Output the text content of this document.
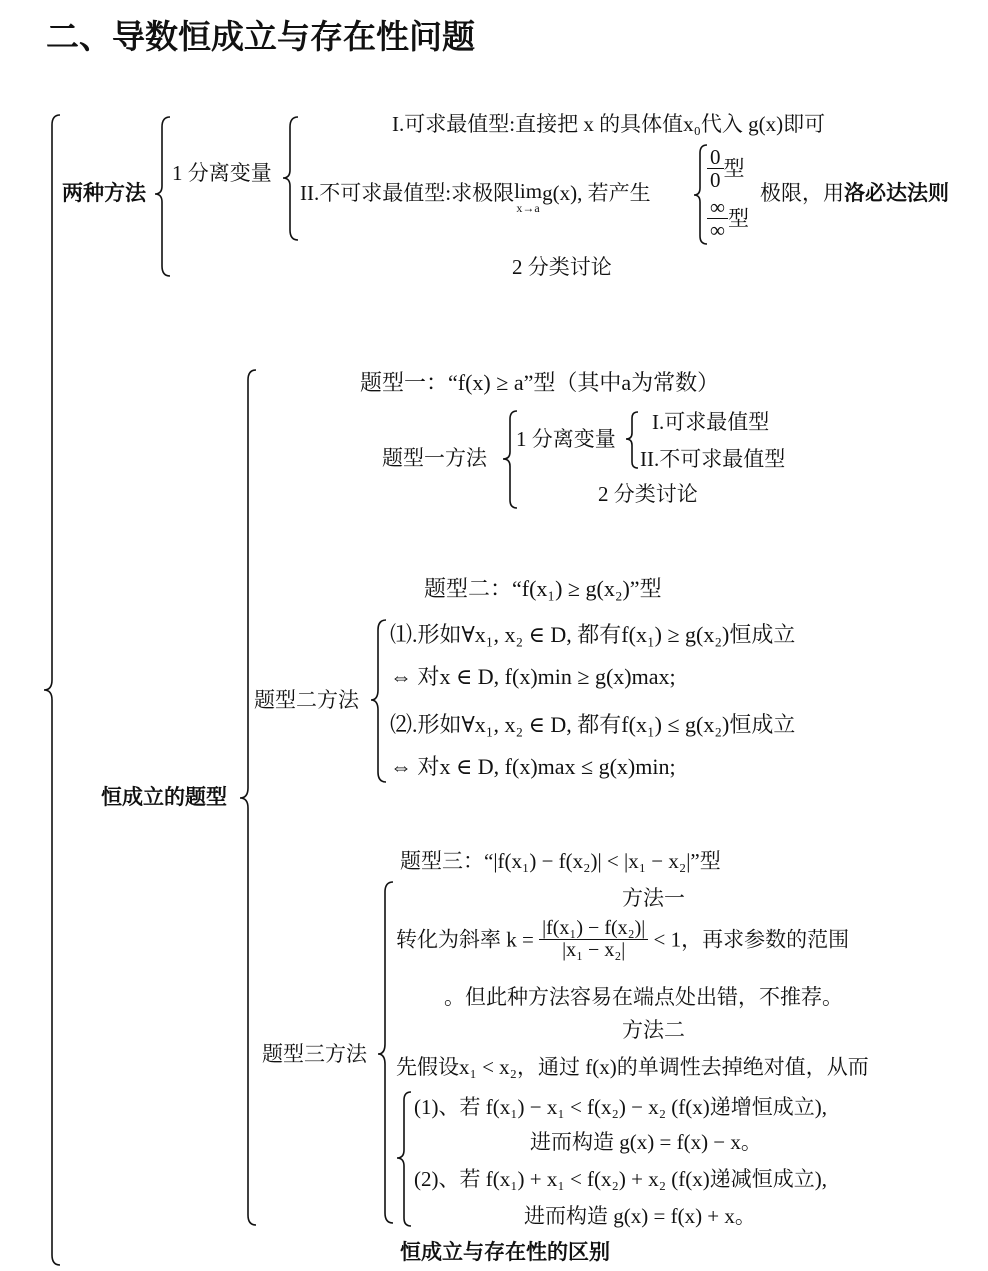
二、导数恒成立与存在性问题
两种方法
1 分离变量
I.可求最值型:直接把 x 的具体值x₀代入 g(x)即可
II.不可求最值型:求极限 lim
x→a
g(x), 若产生
$\frac{0}{0}$ 型
$\frac{\infty}{\infty}$ 型
极限，用洛必达法则
2 分类讨论
恒成立的题型
题型一：“f(x) ≥ a”型（其中a为常数）
题型一方法
1 分离变量
I.可求最值型
II.不可求最值型
2 分类讨论
题型二：“f(x₁) ≥ g(x₂)”型
题型二方法
⑴.形如∀x₁, x₂ ∈ D, 都有f(x₁) ≥ g(x₂)恒成立
⇔ 对x ∈ D, f(x)min ≥ g(x)max;
⑵.形如∀x₁, x₂ ∈ D, 都有f(x₁) ≤ g(x₂)恒成立
⇔ 对x ∈ D, f(x)max ≤ g(x)min;
题型三：“|f(x₁) − f(x₂)| < |x₁ − x₂|”型
题型三方法
方法一
转化为斜率 $k = \frac{\text{|f(x₁) − f(x₂)|}}{\text{|x₁ − x₂|}} < 1$，再求参数的范围
。但此种方法容易在端点处出错，不推荐。
方法二
先假设x₁ < x₂，通过 f(x)的单调性去掉绝对值，从而
(1)、若 f(x₁) − x₁ < f(x₂) − x₂ (f(x)递增恒成立),
进而构造 g(x) = f(x) − x。
(2)、若 f(x₁) + x₁ < f(x₂) + x₂ (f(x)递减恒成立),
进而构造 g(x) = f(x) + x。
恒成立与存在性的区别
